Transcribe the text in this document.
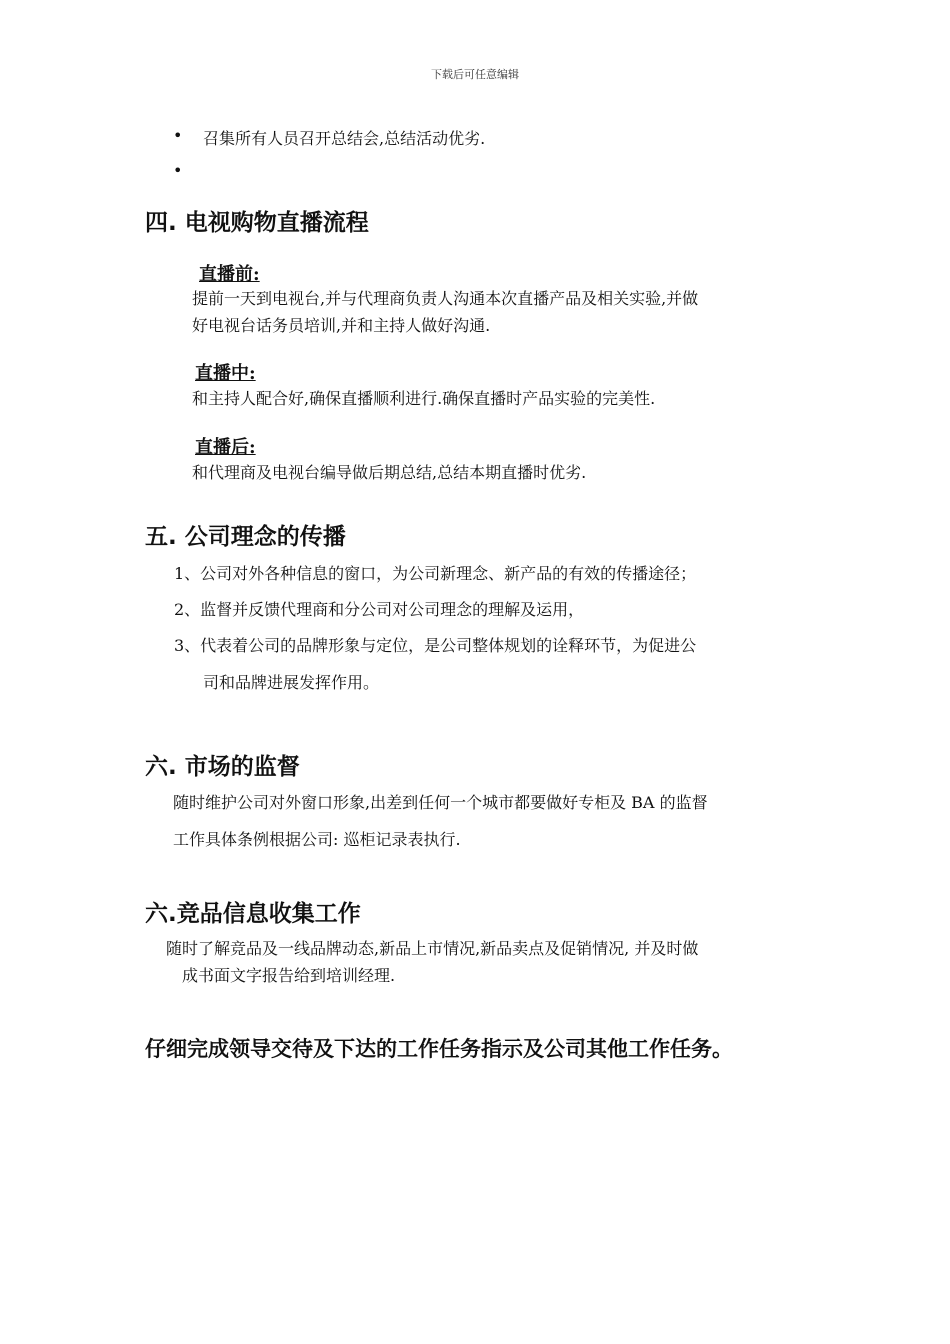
下载后可任意编辑
• 召集所有人员召开总结会,总结活动优劣.
•
四. 电视购物直播流程
直播前:
提前一天到电视台,并与代理商负责人沟通本次直播产品及相关实验,并做
好电视台话务员培训,并和主持人做好沟通.
直播中:
和主持人配合好,确保直播顺利进行.确保直播时产品实验的完美性.
直播后:
和代理商及电视台编导做后期总结,总结本期直播时优劣.
五. 公司理念的传播
1、公司对外各种信息的窗口，为公司新理念、新产品的有效的传播途径；
2、监督并反馈代理商和分公司对公司理念的理解及运用，
3、代表着公司的品牌形象与定位，是公司整体规划的诠释环节，为促进公
司和品牌进展发挥作用。
六. 市场的监督
随时维护公司对外窗口形象,出差到任何一个城市都要做好专柜及 BA 的监督
工作具体条例根据公司: 巡柜记录表执行.
六.竞品信息收集工作
随时了解竞品及一线品牌动态,新品上市情况,新品卖点及促销情况, 并及时做
成书面文字报告给到培训经理.
仔细完成领导交待及下达的工作任务指示及公司其他工作任务。
